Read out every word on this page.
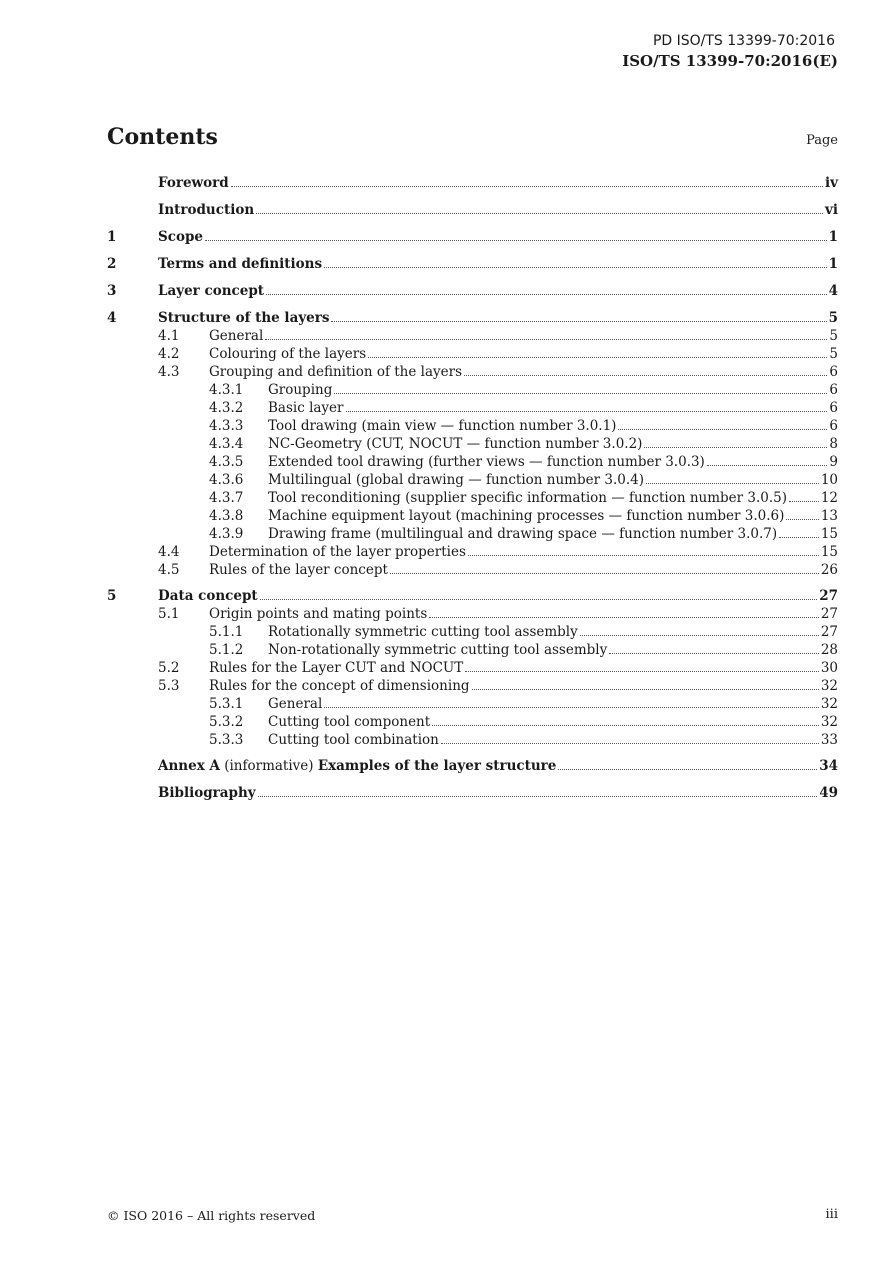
PD ISO/TS 13399-70:2016
ISO/TS 13399-70:2016(E)
Contents	Page
Foreword	iv
Introduction	vi
1	Scope	1
2	Terms and definitions	1
3	Layer concept	4
4	Structure of the layers	5
4.1	General	5
4.2	Colouring of the layers	5
4.3	Grouping and definition of the layers	6
4.3.1	Grouping	6
4.3.2	Basic layer	6
4.3.3	Tool drawing (main view — function number 3.0.1)	6
4.3.4	NC-Geometry (CUT, NOCUT — function number 3.0.2)	8
4.3.5	Extended tool drawing (further views — function number 3.0.3)	9
4.3.6	Multilingual (global drawing — function number 3.0.4)	10
4.3.7	Tool reconditioning (supplier specific information — function number 3.0.5)	12
4.3.8	Machine equipment layout (machining processes — function number 3.0.6)	13
4.3.9	Drawing frame (multilingual and drawing space — function number 3.0.7)	15
4.4	Determination of the layer properties	15
4.5	Rules of the layer concept	26
5	Data concept	27
5.1	Origin points and mating points	27
5.1.1	Rotationally symmetric cutting tool assembly	27
5.1.2	Non-rotationally symmetric cutting tool assembly	28
5.2	Rules for the Layer CUT and NOCUT	30
5.3	Rules for the concept of dimensioning	32
5.3.1	General	32
5.3.2	Cutting tool component	32
5.3.3	Cutting tool combination	33
Annex A (informative) Examples of the layer structure	34
Bibliography	49
© ISO 2016 – All rights reserved	iii
